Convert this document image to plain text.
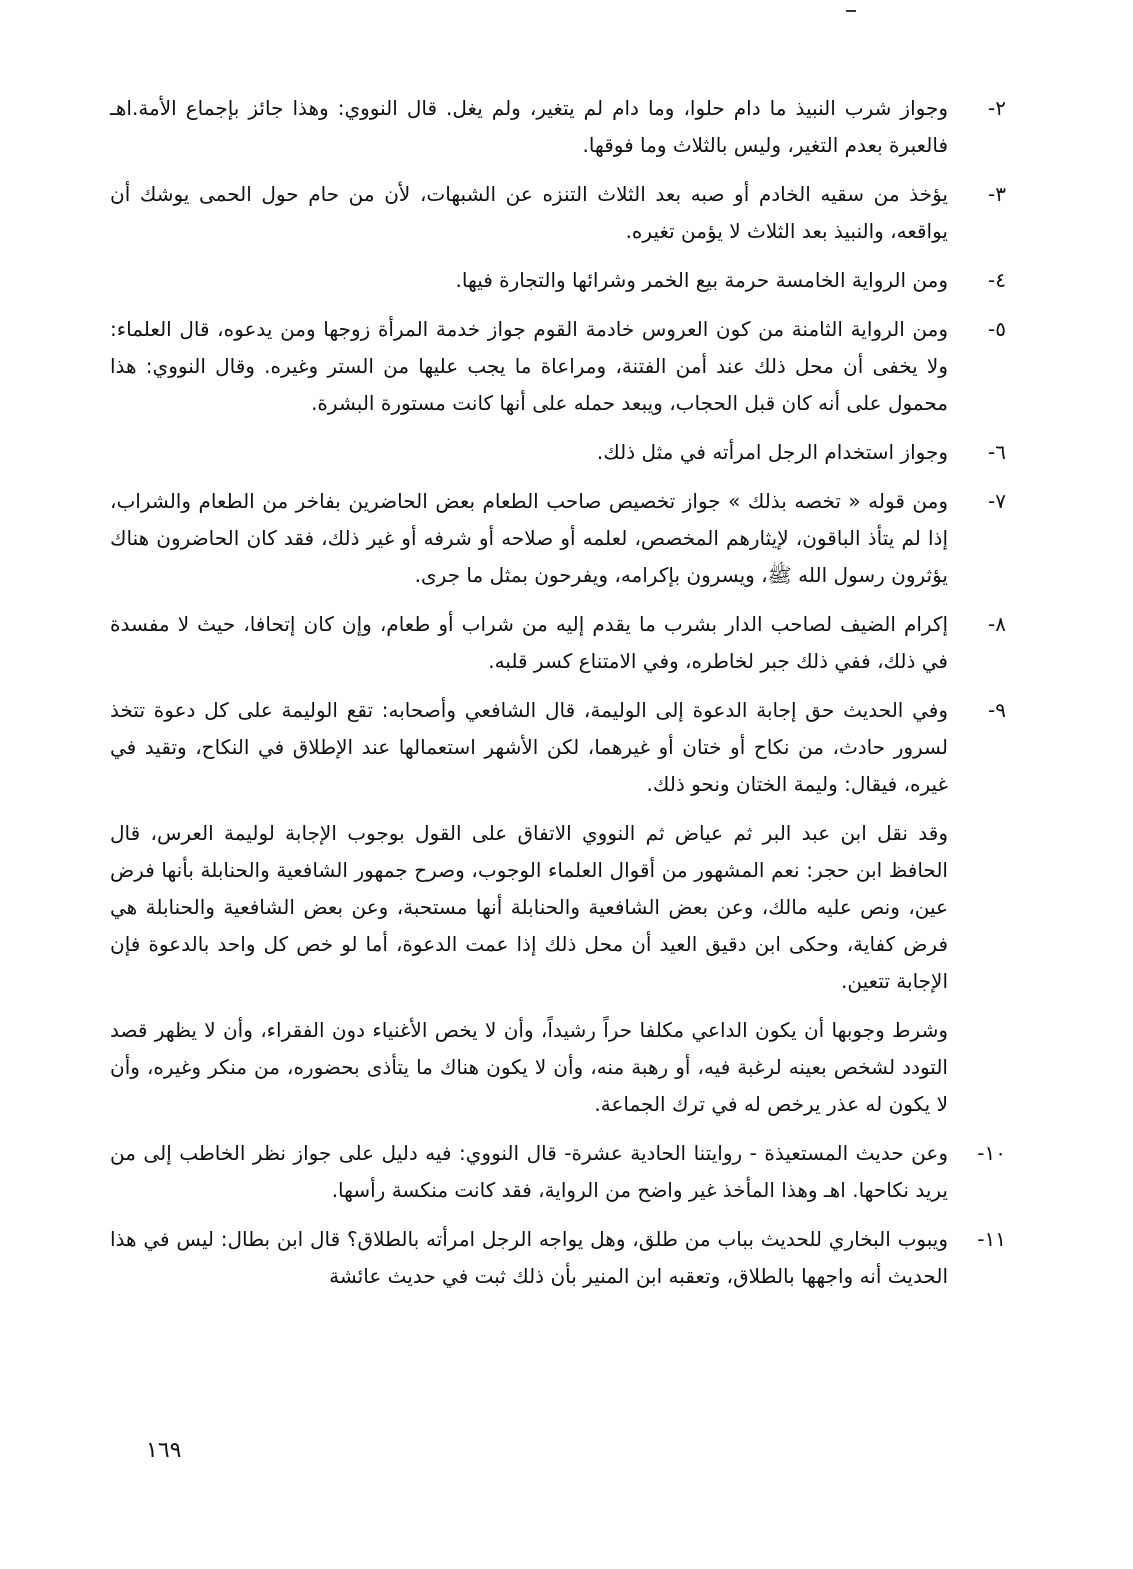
٢-
وجواز شرب النبيذ ما دام حلوا، وما دام لم يتغير، ولم يغل. قال النووي: وهذا جائز بإجماع الأمة.اهـ فالعبرة بعدم التغير، وليس بالثلاث وما فوقها.
٣-
يؤخذ من سقيه الخادم أو صبه بعد الثلاث التنزه عن الشبهات، لأن من حام حول الحمى يوشك أن يواقعه، والنبيذ بعد الثلاث لا يؤمن تغيره.
٤-
ومن الرواية الخامسة حرمة بيع الخمر وشرائها والتجارة فيها.
٥-
ومن الرواية الثامنة من كون العروس خادمة القوم جواز خدمة المرأة زوجها ومن يدعوه، قال العلماء: ولا يخفى أن محل ذلك عند أمن الفتنة، ومراعاة ما يجب عليها من الستر وغيره. وقال النووي: هذا محمول على أنه كان قبل الحجاب، ويبعد حمله على أنها كانت مستورة البشرة.
٦-
وجواز استخدام الرجل امرأته في مثل ذلك.
٧-
ومن قوله « تخصه بذلك » جواز تخصيص صاحب الطعام بعض الحاضرين بفاخر من الطعام والشراب، إذا لم يتأذ الباقون، لإيثارهم المخصص، لعلمه أو صلاحه أو شرفه أو غير ذلك، فقد كان الحاضرون هناك يؤثرون رسول الله ﷺ، ويسرون بإكرامه، ويفرحون بمثل ما جرى.
٨-
إكرام الضيف لصاحب الدار بشرب ما يقدم إليه من شراب أو طعام، وإن كان إتحافا، حيث لا مفسدة في ذلك، ففي ذلك جبر لخاطره، وفي الامتناع كسر قلبه.
٩-
وفي الحديث حق إجابة الدعوة إلى الوليمة، قال الشافعي وأصحابه: تقع الوليمة على كل دعوة تتخذ لسرور حادث، من نكاح أو ختان أو غيرهما، لكن الأشهر استعمالها عند الإطلاق في النكاح، وتقيد في غيره، فيقال: وليمة الختان ونحو ذلك.
وقد نقل ابن عبد البر ثم عياض ثم النووي الاتفاق على القول بوجوب الإجابة لوليمة العرس، قال الحافظ ابن حجر: نعم المشهور من أقوال العلماء الوجوب، وصرح جمهور الشافعية والحنابلة بأنها فرض عين، ونص عليه مالك، وعن بعض الشافعية والحنابلة أنها مستحبة، وعن بعض الشافعية والحنابلة هي فرض كفاية، وحكى ابن دقيق العيد أن محل ذلك إذا عمت الدعوة، أما لو خص كل واحد بالدعوة فإن الإجابة تتعين.
وشرط وجوبها أن يكون الداعي مكلفا حراً رشيداً، وأن لا يخص الأغنياء دون الفقراء، وأن لا يظهر قصد التودد لشخص بعينه لرغبة فيه، أو رهبة منه، وأن لا يكون هناك ما يتأذى بحضوره، من منكر وغيره، وأن لا يكون له عذر يرخص له في ترك الجماعة.
١٠-
وعن حديث المستعيذة - روايتنا الحادية عشرة- قال النووي: فيه دليل على جواز نظر الخاطب إلى من يريد نكاحها. اهـ وهذا المأخذ غير واضح من الرواية، فقد كانت منكسة رأسها.
١١-
ويبوب البخاري للحديث بباب من طلق، وهل يواجه الرجل امرأته بالطلاق؟ قال ابن بطال: ليس في هذا الحديث أنه واجهها بالطلاق، وتعقبه ابن المنير بأن ذلك ثبت في حديث عائشة
١٦٩
